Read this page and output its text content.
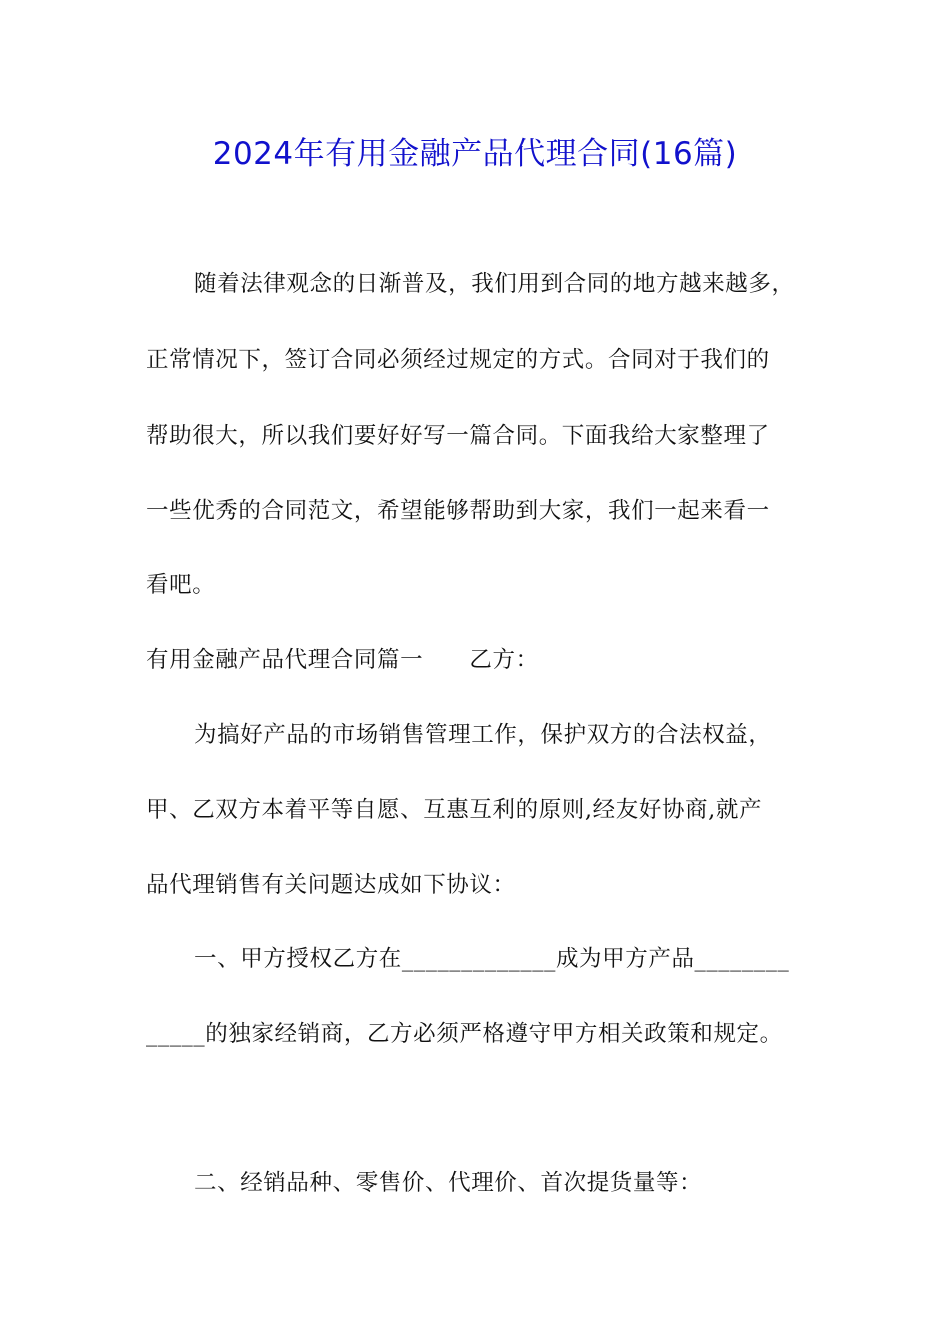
2024年有用金融产品代理合同(16篇)
随着法律观念的日渐普及，我们用到合同的地方越来越多，
正常情况下，签订合同必须经过规定的方式。合同对于我们的
帮助很大，所以我们要好好写一篇合同。下面我给大家整理了
一些优秀的合同范文，希望能够帮助到大家，我们一起来看一
看吧。
有用金融产品代理合同篇一　　乙方：
为搞好产品的市场销售管理工作，保护双方的合法权益，
甲、乙双方本着平等自愿、互惠互利的原则,经友好协商,就产
品代理销售有关问题达成如下协议：
一、甲方授权乙方在_____________成为甲方产品________
_____的独家经销商，乙方必须严格遵守甲方相关政策和规定。
二、经销品种、零售价、代理价、首次提货量等：
